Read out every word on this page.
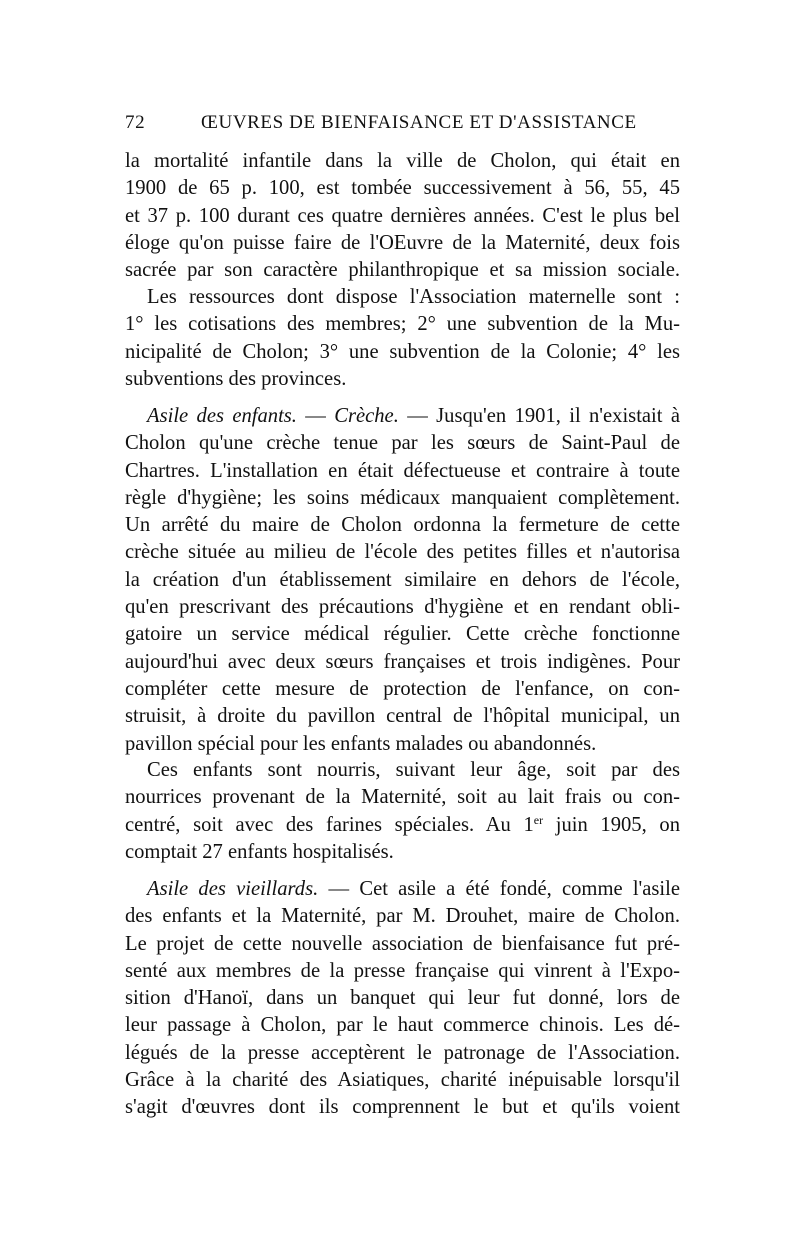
72	ŒUVRES DE BIENFAISANCE ET D'ASSISTANCE
la mortalité infantile dans la ville de Cholon, qui était en
1900 de 65 p. 100, est tombée successivement à 56, 55, 45
et 37 p. 100 durant ces quatre dernières années. C'est le plus bel
éloge qu'on puisse faire de l'OEuvre de la Maternité, deux fois
sacrée par son caractère philanthropique et sa mission sociale.
Les ressources dont dispose l'Association maternelle sont :
1° les cotisations des membres; 2° une subvention de la Mu-
nicipalité de Cholon; 3° une subvention de la Colonie; 4° les
subventions des provinces.
Asile des enfants. — Crèche. — Jusqu'en 1901, il n'existait à
Cholon qu'une crèche tenue par les sœurs de Saint-Paul de
Chartres. L'installation en était défectueuse et contraire à toute
règle d'hygiène; les soins médicaux manquaient complètement.
Un arrêté du maire de Cholon ordonna la fermeture de cette
crèche située au milieu de l'école des petites filles et n'autorisa
la création d'un établissement similaire en dehors de l'école,
qu'en prescrivant des précautions d'hygiène et en rendant obli-
gatoire un service médical régulier. Cette crèche fonctionne
aujourd'hui avec deux sœurs françaises et trois indigènes. Pour
compléter cette mesure de protection de l'enfance, on con-
struisit, à droite du pavillon central de l'hôpital municipal, un
pavillon spécial pour les enfants malades ou abandonnés.
Ces enfants sont nourris, suivant leur âge, soit par des
nourrices provenant de la Maternité, soit au lait frais ou con-
centré, soit avec des farines spéciales. Au 1er juin 1905, on
comptait 27 enfants hospitalisés.
Asile des vieillards. — Cet asile a été fondé, comme l'asile
des enfants et la Maternité, par M. Drouhet, maire de Cholon.
Le projet de cette nouvelle association de bienfaisance fut pré-
senté aux membres de la presse française qui vinrent à l'Expo-
sition d'Hanoï, dans un banquet qui leur fut donné, lors de
leur passage à Cholon, par le haut commerce chinois. Les dé-
légués de la presse acceptèrent le patronage de l'Association.
Grâce à la charité des Asiatiques, charité inépuisable lorsqu'il
s'agit d'œuvres dont ils comprennent le but et qu'ils voient
